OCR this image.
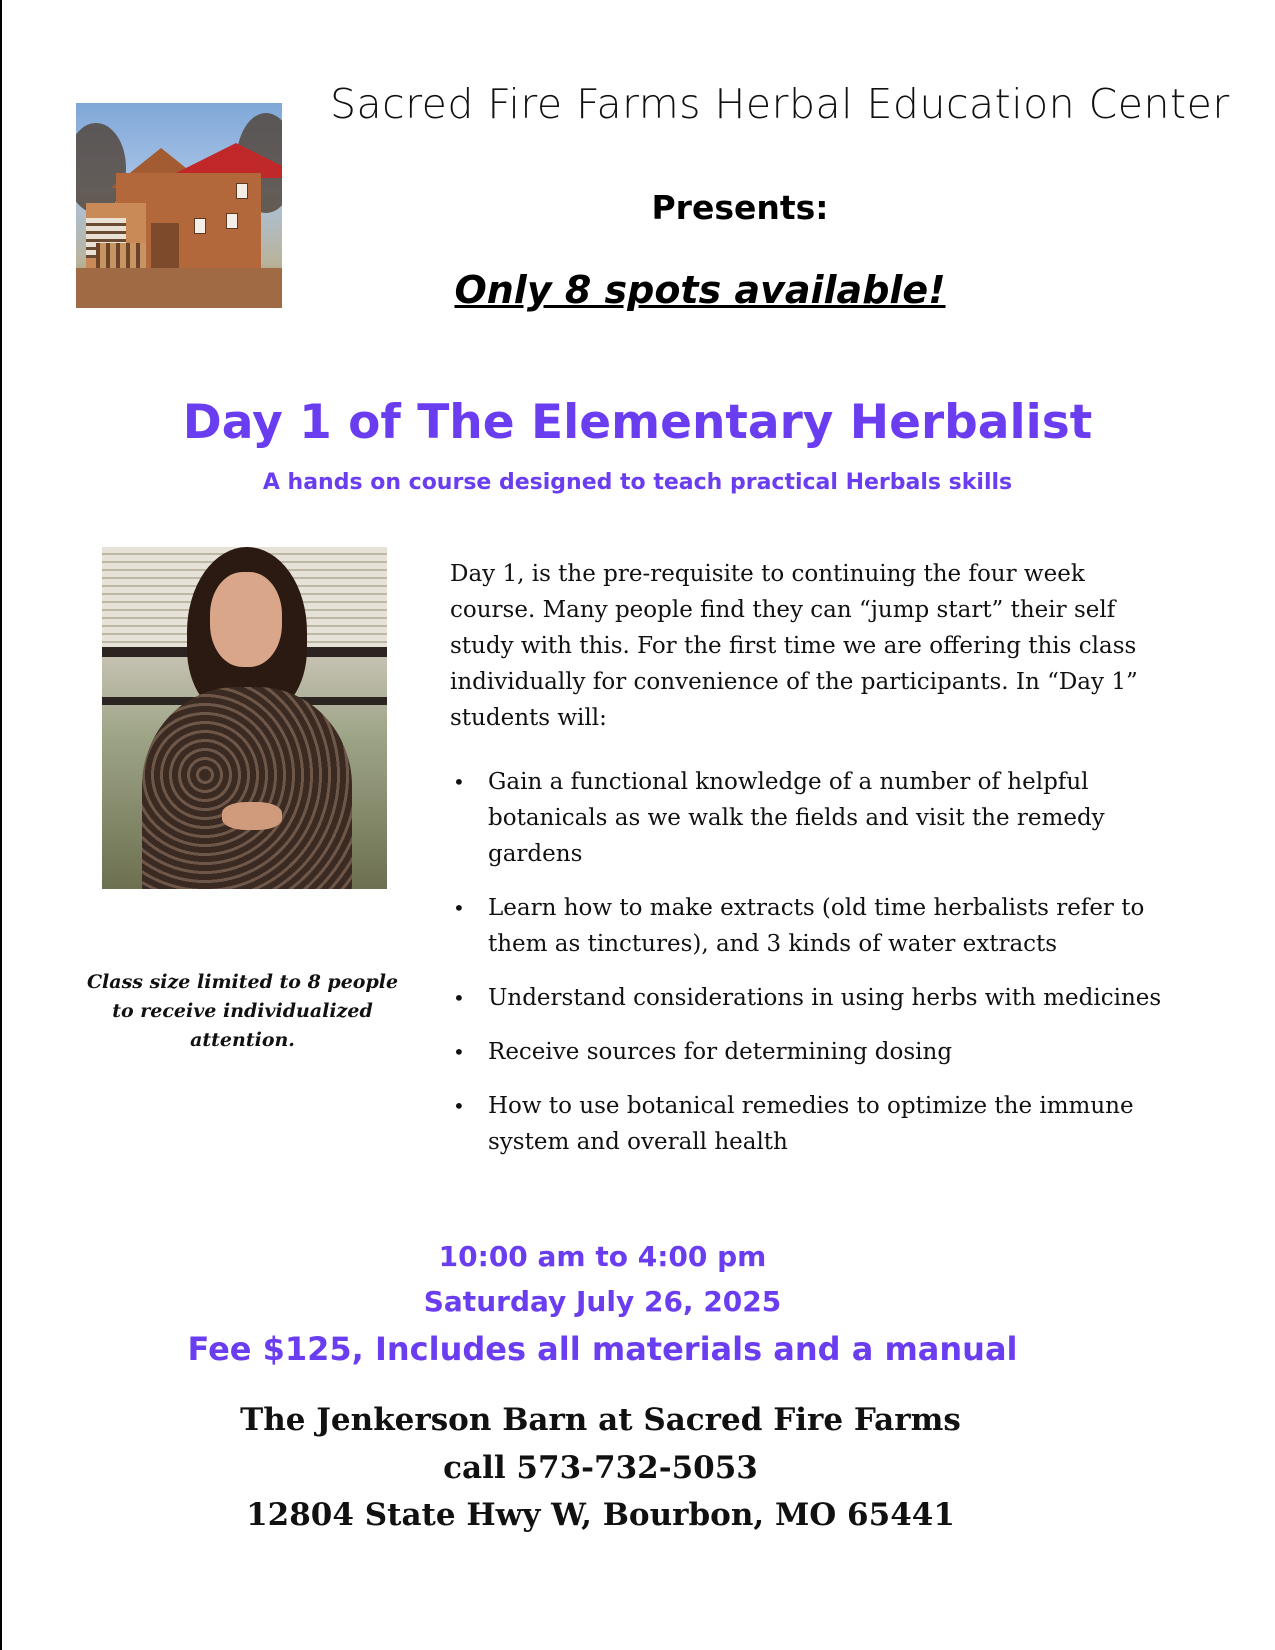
Sacred Fire Farms Herbal Education Center
Presents:
Only 8 spots available!
Day 1 of The Elementary Herbalist
A hands on course designed to teach practical Herbals skills
Class size limited to 8 people to receive individualized attention.
Day 1, is the pre-requisite to continuing the four week course. Many people find they can “jump start” their self study with this. For the first time we are offering this class individually for convenience of the participants. In “Day 1” students will:
• Gain a functional knowledge of a number of helpful botanicals as we walk the fields and visit the remedy gardens
• Learn how to make extracts (old time herbalists refer to them as tinctures), and 3 kinds of water extracts
• Understand considerations in using herbs with medicines
• Receive sources for determining dosing
• How to use botanical remedies to optimize the immune system and overall health
10:00 am to 4:00 pm
Saturday July 26, 2025
Fee $125, Includes all materials and a manual
The Jenkerson Barn at Sacred Fire Farms
call 573-732-5053
12804 State Hwy W, Bourbon, MO 65441
